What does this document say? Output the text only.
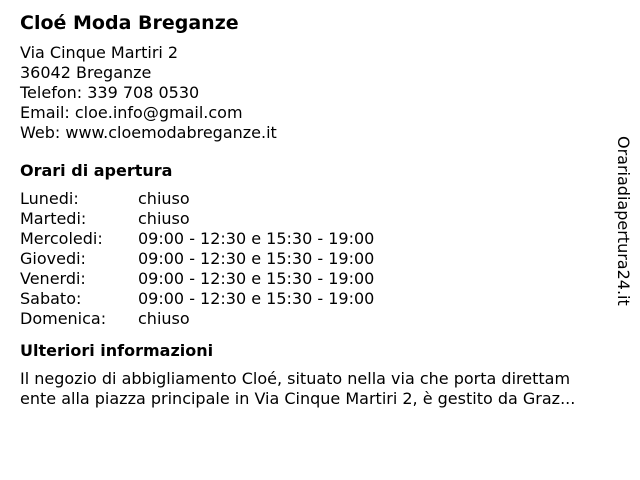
Cloé Moda Breganze
Via Cinque Martiri 2
36042 Breganze
Telefon: 339 708 0530
Email: cloe.info@gmail.com
Web: www.cloemodabreganze.it
Orari di apertura
Lunedi:	chiuso
Martedi:	chiuso
Mercoledi:	09:00 - 12:30 e 15:30 - 19:00
Giovedi:	09:00 - 12:30 e 15:30 - 19:00
Venerdi:	09:00 - 12:30 e 15:30 - 19:00
Sabato:	09:00 - 12:30 e 15:30 - 19:00
Domenica:	chiuso
Ulteriori informazioni
Il negozio di abbigliamento Cloé, situato nella via che porta direttam
ente alla piazza principale in Via Cinque Martiri 2, è gestito da Graz...
Orariadiapertura24.it
